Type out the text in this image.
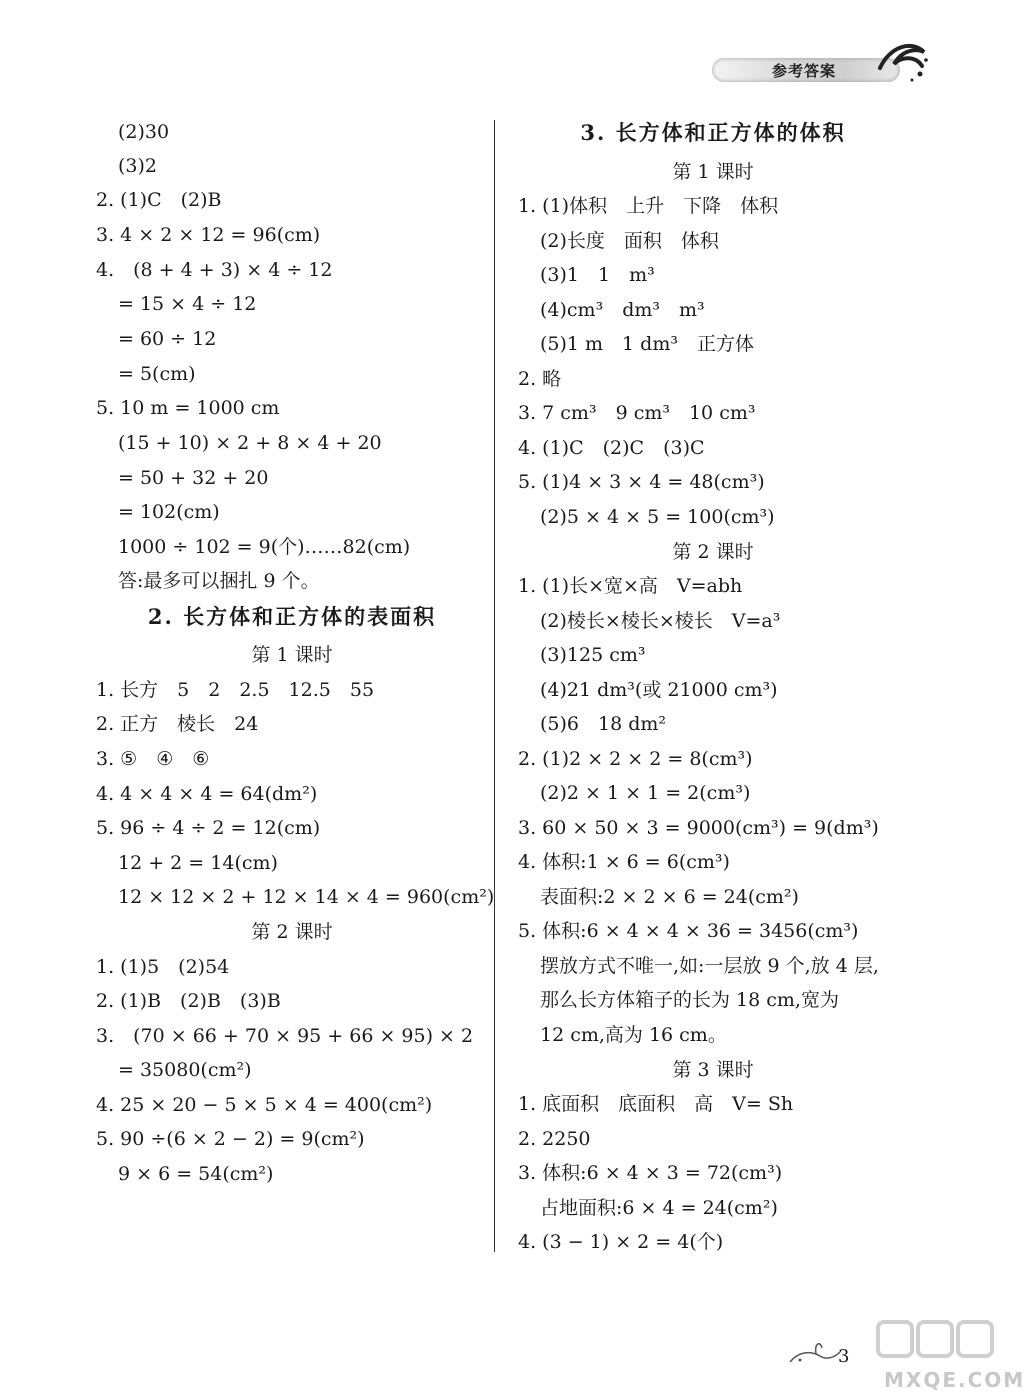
参考答案
(2)30
(3)2
2. (1)C　(2)B
3. 4 × 2 × 12 = 96(cm)
4.　(8 + 4 + 3) × 4 ÷ 12
= 15 × 4 ÷ 12
= 60 ÷ 12
= 5(cm)
5. 10 m = 1000 cm
(15 + 10) × 2 + 8 × 4 + 20
= 50 + 32 + 20
= 102(cm)
1000 ÷ 102 = 9(个)……82(cm)
答:最多可以捆扎 9 个。
2. 长方体和正方体的表面积
第 1 课时
1. 长方　5　2　2.5　12.5　55
2. 正方　棱长　24
3. ⑤　④　⑥
4. 4 × 4 × 4 = 64(dm²)
5. 96 ÷ 4 ÷ 2 = 12(cm)
12 + 2 = 14(cm)
12 × 12 × 2 + 12 × 14 × 4 = 960(cm²)
第 2 课时
1. (1)5　(2)54
2. (1)B　(2)B　(3)B
3.　(70 × 66 + 70 × 95 + 66 × 95) × 2
= 35080(cm²)
4. 25 × 20 − 5 × 5 × 4 = 400(cm²)
5. 90 ÷(6 × 2 − 2) = 9(cm²)
9 × 6 = 54(cm²)
3. 长方体和正方体的体积
第 1 课时
1. (1)体积　上升　下降　体积
(2)长度　面积　体积
(3)1　1　m³
(4)cm³　dm³　m³
(5)1 m　1 dm³　正方体
2. 略
3. 7 cm³　9 cm³　10 cm³
4. (1)C　(2)C　(3)C
5. (1)4 × 3 × 4 = 48(cm³)
(2)5 × 4 × 5 = 100(cm³)
第 2 课时
1. (1)长×宽×高　V=abh
(2)棱长×棱长×棱长　V=a³
(3)125 cm³
(4)21 dm³(或 21000 cm³)
(5)6　18 dm²
2. (1)2 × 2 × 2 = 8(cm³)
(2)2 × 1 × 1 = 2(cm³)
3. 60 × 50 × 3 = 9000(cm³) = 9(dm³)
4. 体积:1 × 6 = 6(cm³)
表面积:2 × 2 × 6 = 24(cm²)
5. 体积:6 × 4 × 4 × 36 = 3456(cm³)
摆放方式不唯一,如:一层放 9 个,放 4 层,
那么长方体箱子的长为 18 cm,宽为
12 cm,高为 16 cm。
第 3 课时
1. 底面积　底面积　高　V= Sh
2. 2250
3. 体积:6 × 4 × 3 = 72(cm³)
占地面积:6 × 4 = 24(cm²)
4. (3 − 1) × 2 = 4(个)
3
MXQE.COM
